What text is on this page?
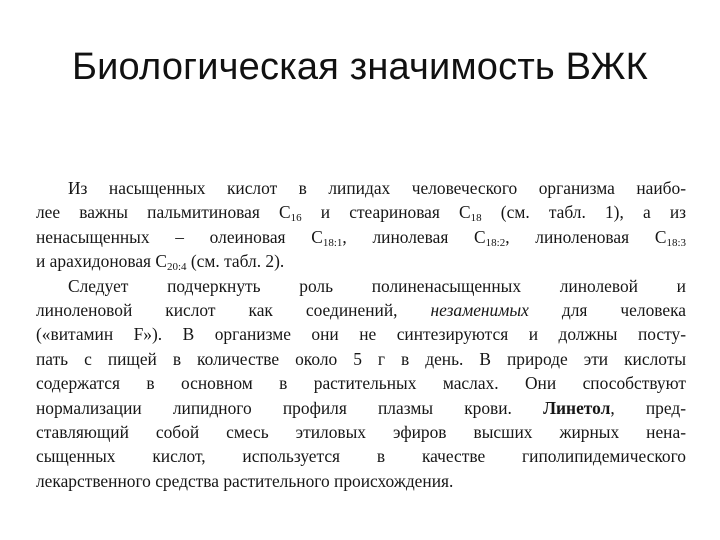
Биологическая значимость ВЖК
Из насыщенных кислот в липидах человеческого организма наибо-
лее важны пальмитиновая $С_{16}$ и стеариновая $С_{18}$ (см. табл. 1), а из
ненасыщенных – олеиновая $С_{18:1}$, линолевая $С_{18:2}$, линоленовая $С_{18:3}$
и арахидоновая $С_{20:4}$ (см. табл. 2).
Следует подчеркнуть роль полиненасыщенных линолевой и
линоленовой кислот как соединений, незаменимых для человека
(«витамин F»). В организме они не синтезируются и должны посту-
пать с пищей в количестве около 5 г в день. В природе эти кислоты
содержатся в основном в растительных маслах. Они способствуют
нормализации липидного профиля плазмы крови. Линетол, пред-
ставляющий собой смесь этиловых эфиров высших жирных нена-
сыщенных кислот, используется в качестве гиполипидемического
лекарственного средства растительного происхождения.
